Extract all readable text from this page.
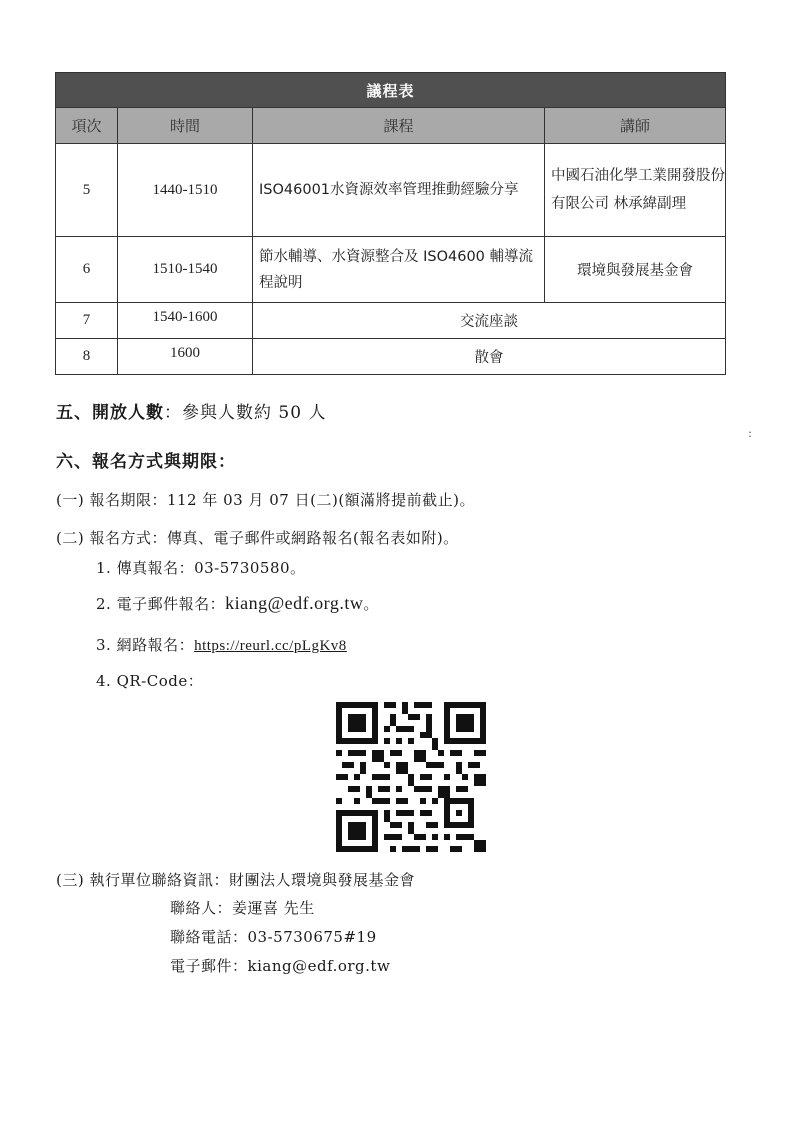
議程表			
項次	時間	課程	講師
5	1440-1510	ISO46001水資源效率管理推動經驗分享	中國石油化學工業開發股份有限公司 林承緯副理
6	1510-1540	節水輔導、水資源整合及 ISO4600 輔導流程說明	環境與發展基金會
7	1540-1600	交流座談	
8	1600	散會	
五、開放人數：參與人數約 50 人
六、報名方式與期限：
(一) 報名期限：112 年 03 月 07 日(二)(額滿將提前截止)。
(二) 報名方式：傳真、電子郵件或網路報名(報名表如附)。
1. 傳真報名：03-5730580。
2. 電子郵件報名：kiang@edf.org.tw。
3. 網路報名：https://reurl.cc/pLgKv8
4. QR-Code：
(三) 執行單位聯絡資訊：財團法人環境與發展基金會
聯絡人：姜運喜 先生
聯絡電話：03-5730675#19
電子郵件：kiang@edf.org.tw
:
